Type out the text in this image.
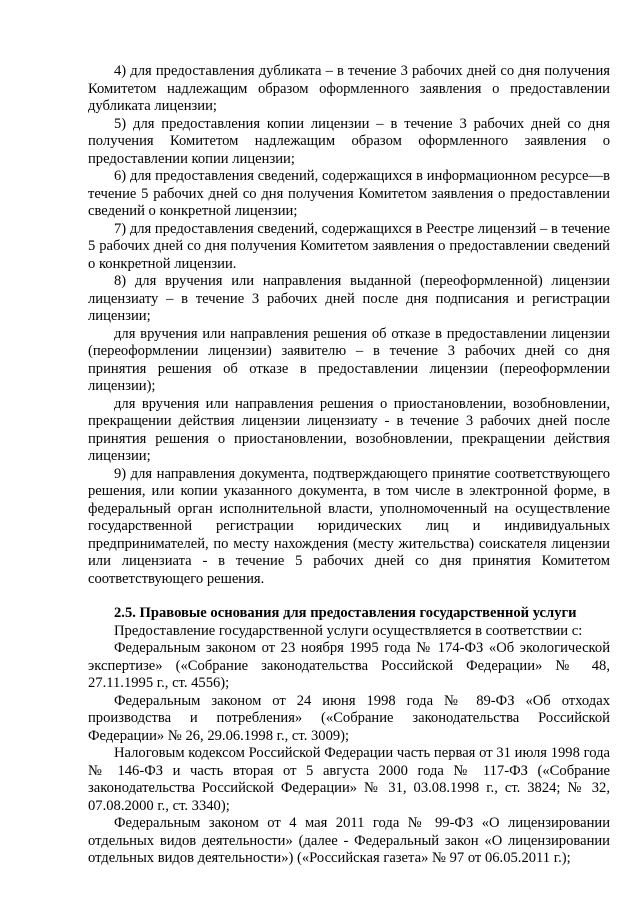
4) для предоставления дубликата – в течение 3 рабочих дней со дня получения Комитетом надлежащим образом оформленного заявления о предоставлении дубликата лицензии;

5) для предоставления копии лицензии – в течение 3 рабочих дней со дня получения Комитетом надлежащим образом оформленного заявления о предоставлении копии лицензии;

6) для предоставления сведений, содержащихся в информационном ресурсе—в течение 5 рабочих дней со дня получения Комитетом заявления о предоставлении сведений о конкретной лицензии;

7) для предоставления сведений, содержащихся в Реестре лицензий – в течение 5 рабочих дней со дня получения Комитетом заявления о предоставлении сведений о конкретной лицензии.

8) для вручения или направления выданной (переоформленной) лицензии лицензиату – в течение 3 рабочих дней после дня подписания и регистрации лицензии;

для вручения или направления решения об отказе в предоставлении лицензии (переоформлении лицензии) заявителю – в течение 3 рабочих дней со дня принятия решения об отказе в предоставлении лицензии (переоформлении лицензии);

для вручения или направления решения о приостановлении, возобновлении, прекращении действия лицензии лицензиату - в течение 3 рабочих дней после принятия решения о приостановлении, возобновлении, прекращении действия лицензии;

9) для направления документа, подтверждающего принятие соответствующего решения, или копии указанного документа, в том числе в электронной форме, в федеральный орган исполнительной власти, уполномоченный на осуществление государственной регистрации юридических лиц и индивидуальных предпринимателей, по месту нахождения (месту жительства) соискателя лицензии или лицензиата - в течение 5 рабочих дней со дня принятия Комитетом соответствующего решения.

2.5. Правовые основания для предоставления государственной услуги

Предоставление государственной услуги осуществляется в соответствии с:

Федеральным законом от 23 ноября 1995 года № 174-ФЗ «Об экологической экспертизе» («Собрание законодательства Российской Федерации» № 48, 27.11.1995 г., ст. 4556);

Федеральным законом от 24 июня 1998 года № 89-ФЗ «Об отходах производства и потребления» («Собрание законодательства Российской Федерации» № 26, 29.06.1998 г., ст. 3009);

Налоговым кодексом Российской Федерации часть первая от 31 июля 1998 года № 146-ФЗ и часть вторая от 5 августа 2000 года № 117-ФЗ («Собрание законодательства Российской Федерации» № 31, 03.08.1998 г., ст. 3824; № 32, 07.08.2000 г., ст. 3340);

Федеральным законом от 4 мая 2011 года № 99-ФЗ «О лицензировании отдельных видов деятельности» (далее - Федеральный закон «О лицензировании отдельных видов деятельности») («Российская газета» № 97 от 06.05.2011 г.);
